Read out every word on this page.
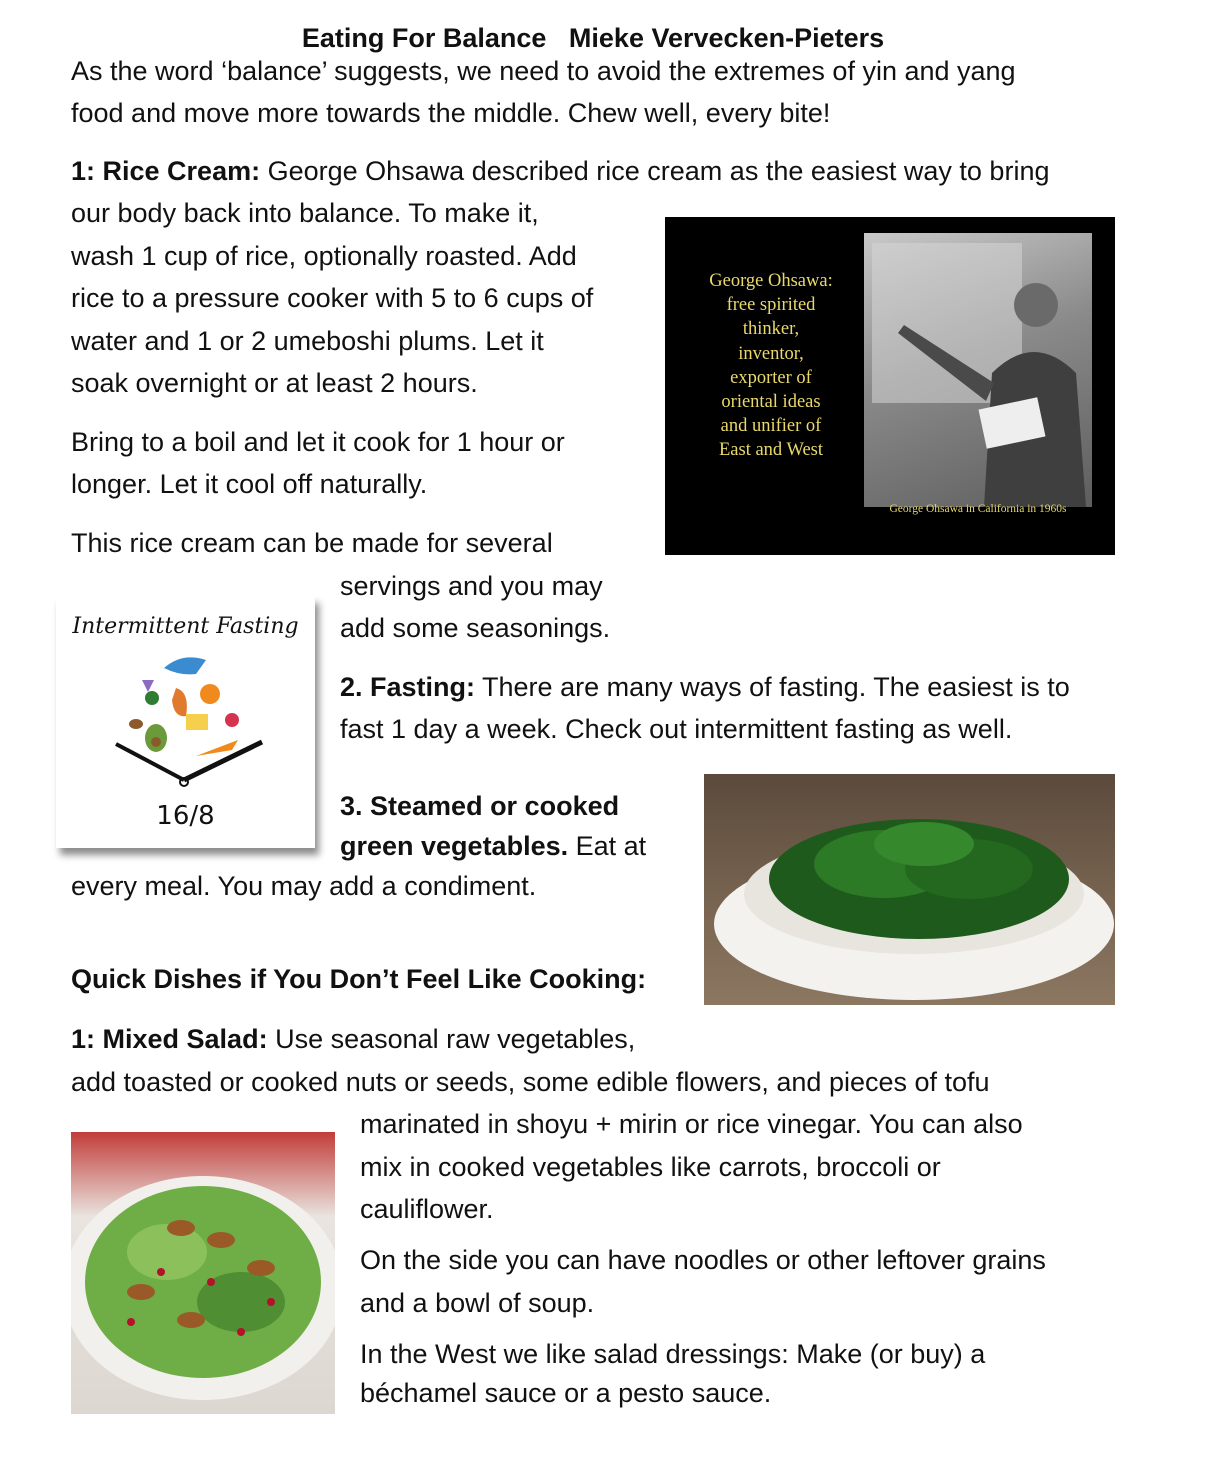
Eating For Balance   Mieke Vervecken-Pieters

As the word ‘balance’ suggests, we need to avoid the extremes of yin and yang

food and move more towards the middle. Chew well, every bite!

1: Rice Cream: George Ohsawa described rice cream as the easiest way to bring

our body back into balance. To make it,

wash 1 cup of rice, optionally roasted. Add

rice to a pressure cooker with 5 to 6 cups of

water and 1 or 2 umeboshi plums. Let it

soak overnight or at least 2 hours.

Bring to a boil and let it cook for 1 hour or

longer. Let it cool off naturally.

This rice cream can be made for several

servings and you may

add some seasonings.

2. Fasting: There are many ways of fasting. The easiest is to

fast 1 day a week. Check out intermittent fasting as well.

3. Steamed or cooked

green vegetables. Eat at

every meal. You may add a condiment.

Quick Dishes if You Don’t Feel Like Cooking:

1: Mixed Salad: Use seasonal raw vegetables,

add toasted or cooked nuts or seeds, some edible flowers, and pieces of tofu

marinated in shoyu + mirin or rice vinegar. You can also

mix in cooked vegetables like carrots, broccoli or

cauliflower.

On the side you can have noodles or other leftover grains

and a bowl of soup.

In the West we like salad dressings: Make (or buy) a

béchamel sauce or a pesto sauce.

George Ohsawa:
free spirited
thinker,
inventor,
exporter of
oriental ideas
and unifier of
East and West
George Ohsawa in California in 1960s
Intermittent Fasting
16/8
